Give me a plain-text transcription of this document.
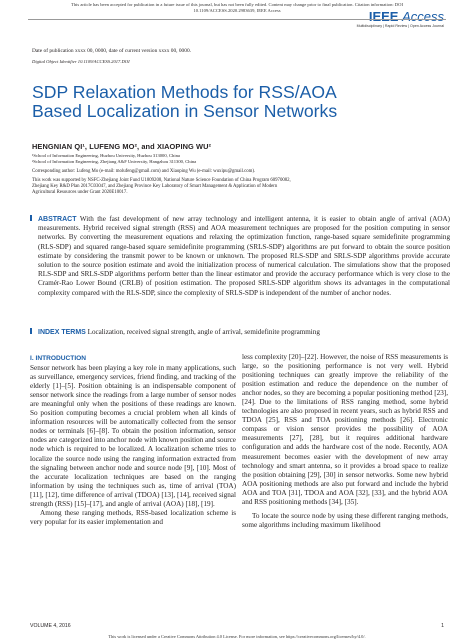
This article has been accepted for publication in a future issue of this journal, but has not been fully edited. Content may change prior to final publication. Citation information: DOI
10.1109/ACCESS.2020.2983639, IEEE Access	IEEE Access
Multidisciplinary | Rapid Review | Open Access Journal
Date of publication xxxx 00, 0000, date of current version xxxx 00, 0000.
Digital Object Identifier 10.1109/ACCESS.2017.DOI
SDP Relaxation Methods for RSS/AOA
Based Localization in Sensor Networks
HENGNIAN QI¹, LUFENG MO², and XIAOPING WU²
¹School of Information Engineering, Huzhou University, Huzhou 313000, China
²School of Information Engineering, Zhejiang A&F University, Hangzhou 311300, China
Corresponding author: Lufeng Mo (e-mail: molufeng@gmail.com) and Xiaoping Wu (e-mail: wuxipu@gmail.com).
This work was supported by NSFC-Zhejiang Joint Fund U1809208, National Nature Science Foundation of China Program 60970082,
Zhejiang Key R&D Plan 2017C03047, and Zhejiang Province Key Laboratory of Smart Management & Application of Modern
Agricultural Resources under Grant 2020E10017.
ABSTRACT With the fast development of new array technology and intelligent antenna, it is easier to obtain angle of arrival (AOA) measurements. Hybrid received signal strength (RSS) and AOA measurement techniques are proposed for the position computing in sensor networks. By converting the measurement equations and relaxing the optimization function, range-based square semidefinite programming (RLS-SDP) and squared range-based square semidefinite programming (SRLS-SDP) algorithms are put forward to obtain the source position estimate by considering the transmit power to be known or unknown. The proposed RLS-SDP and SRLS-SDP algorithms provide accurate solution to the source position estimate and avoid the initialization process of numerical calculation. The simulations show that the proposed RLS-SDP and SRLS-SDP algorithms perform better than the linear estimator and provide the accuracy performance which is very close to the Cramér-Rao Lower Bound (CRLB) of position estimation. The proposed SRLS-SDP algorithm shows its advantages in the computational complexity compared with the RLS-SDP, since the complexity of SRLS-SDP is independent of the number of anchor nodes.
INDEX TERMS Localization, received signal strength, angle of arrival, semidefinite programming
I. INTRODUCTION

Sensor network has been playing a key role in many applications, such as surveillance, emergency services, friend finding, and tracking of the elderly [1]–[5]. Position obtaining is an indispensable component of sensor network since the readings from a large number of sensor nodes are meaningful only when the positions of these readings are known. So position computing becomes a crucial problem when all kinds of information resources will be automatically collected from the sensor nodes or terminals [6]–[8]. To obtain the position information, sensor nodes are categorized into anchor node with known position and source node which is required to be localized. A localization scheme tries to localize the source node using the ranging information extracted from the signaling between anchor node and source node [9], [10]. Most of the accurate localization techniques are based on the ranging information by using the techniques such as, time of arrival (TOA) [11], [12], time difference of arrival (TDOA) [13], [14], received signal strength (RSS) [15]–[17], and angle of arrival (AOA) [18], [19].

Among these ranging methods, RSS-based localization scheme is very popular for its easier implementation and

less complexity [20]–[22]. However, the noise of RSS measurements is large, so the positioning performance is not very well. Hybrid positioning techniques can greatly improve the reliability of the position estimation and reduce the dependence on the number of anchor nodes, so they are becoming a popular positioning method [23], [24]. Due to the limitations of RSS ranging method, some hybrid technologies are also proposed in recent years, such as hybrid RSS and TDOA [25], RSS and TOA positioning methods [26]. Electronic compass or vision sensor provides the possibility of AOA measurements [27], [28], but it requires additional hardware configuration and adds the hardware cost of the node. Recently, AOA measurement becomes easier with the development of new array technology and smart antenna, so it provides a broad space to realize the position obtaining [29], [30] in sensor networks. Some new hybrid AOA positioning methods are also put forward and include the hybrid AOA and TOA [31], TDOA and AOA [32], [33], and the hybrid AOA and RSS positioning methods [34], [35].

To locate the source node by using these different ranging methods, some algorithms including maximum likelihood

VOLUME 4, 2016	1
This work is licensed under a Creative Commons Attribution 4.0 License. For more information, see https://creativecommons.org/licenses/by/4.0/.
